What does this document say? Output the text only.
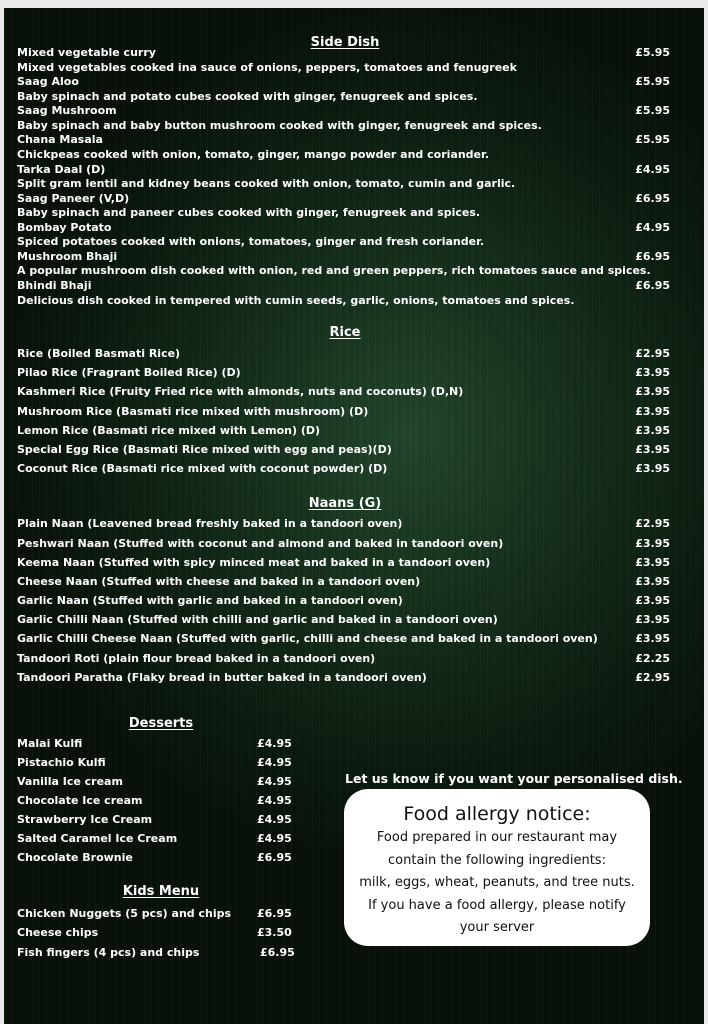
Side Dish
Mixed vegetable curry	£5.95
Mixed vegetables cooked ina sauce of onions, peppers, tomatoes and fenugreek
Saag Aloo	£5.95
Baby spinach and potato cubes cooked with ginger, fenugreek and spices.
Saag Mushroom	£5.95
Baby spinach and baby button mushroom cooked with ginger, fenugreek and spices.
Chana Masala	£5.95
Chickpeas cooked with onion, tomato, ginger, mango powder and coriander.
Tarka Daal (D)	£4.95
Split gram lentil and kidney beans cooked with onion, tomato, cumin and garlic.
Saag Paneer (V,D)	£6.95
Baby spinach and paneer cubes cooked with ginger, fenugreek and spices.
Bombay Potato	£4.95
Spiced potatoes cooked with onions, tomatoes, ginger and fresh coriander.
Mushroom Bhaji	£6.95
A popular mushroom dish cooked with onion, red and green peppers, rich tomatoes sauce and spices.
Bhindi Bhaji	£6.95
Delicious dish cooked in tempered with cumin seeds, garlic, onions, tomatoes and spices.
Rice
Rice (Boiled Basmati Rice)	£2.95
Pilao Rice (Fragrant Boiled Rice) (D)	£3.95
Kashmeri Rice (Fruity Fried rice with almonds, nuts and coconuts) (D,N)	£3.95
Mushroom Rice (Basmati rice mixed with mushroom) (D)	£3.95
Lemon Rice (Basmati rice mixed with Lemon) (D)	£3.95
Special Egg Rice (Basmati Rice mixed with egg and peas)(D)	£3.95
Coconut Rice (Basmati rice mixed with coconut powder) (D)	£3.95
Naans (G)
Plain Naan (Leavened bread freshly baked in a tandoori oven)	£2.95
Peshwari Naan (Stuffed with coconut and almond and baked in tandoori oven)	£3.95
Keema Naan (Stuffed with spicy minced meat and baked in a tandoori oven)	£3.95
Cheese Naan (Stuffed with cheese and baked in a tandoori oven)	£3.95
Garlic Naan (Stuffed with garlic and baked in a tandoori oven)	£3.95
Garlic Chilli Naan (Stuffed with chilli and garlic and baked in a tandoori oven)	£3.95
Garlic Chilli Cheese Naan (Stuffed with garlic, chilli and cheese and baked in a tandoori oven)	£3.95
Tandoori Roti (plain flour bread baked in a tandoori oven)	£2.25
Tandoori Paratha (Flaky bread in butter baked in a tandoori oven)	£2.95
Desserts
Malai Kulfi	£4.95
Pistachio Kulfi	£4.95
Vanilla Ice cream	£4.95
Chocolate Ice cream	£4.95
Strawberry Ice Cream	£4.95
Salted Caramel Ice Cream	£4.95
Chocolate Brownie	£6.95
Kids Menu
Chicken Nuggets (5 pcs) and chips £6.95
Cheese chips	£3.50
Fish fingers (4 pcs) and chips	£6.95
Let us know if you want your personalised dish.
Food allergy notice:
Food prepared in our restaurant may
contain the following ingredients:
milk, eggs, wheat, peanuts, and tree nuts.
If you have a food allergy, please notify
your server
